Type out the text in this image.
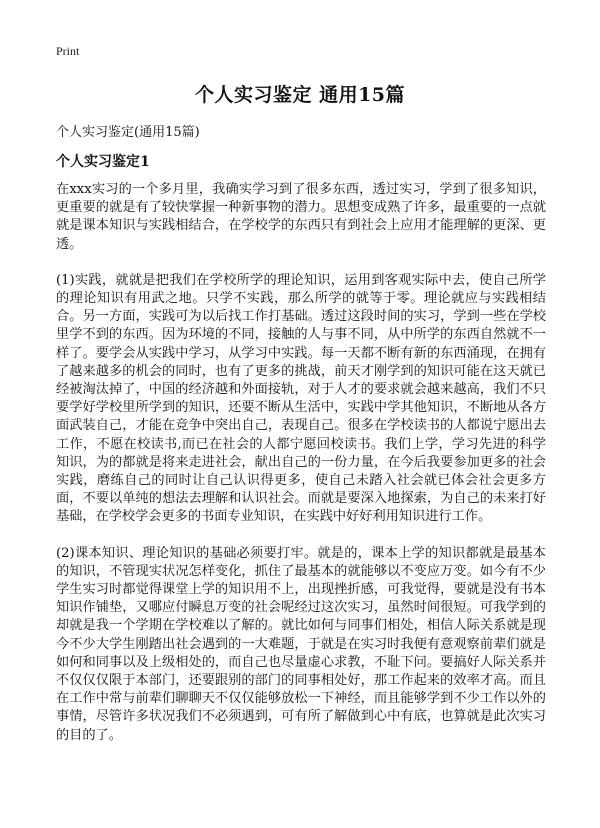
Print
个人实习鉴定 通用15篇
个人实习鉴定(通用15篇)
个人实习鉴定1

在xxx实习的一个多月里，我确实学习到了很多东西，透过实习，学到了很多知识，更重要的就是有了较快掌握一种新事物的潜力。思想变成熟了许多，最重要的一点就就是课本知识与实践相结合，在学校学的东西只有到社会上应用才能理解的更深、更透。

(1)实践，就就是把我们在学校所学的理论知识，运用到客观实际中去，使自己所学的理论知识有用武之地。只学不实践，那么所学的就等于零。理论就应与实践相结合。另一方面，实践可为以后找工作打基础。透过这段时间的实习，学到一些在学校里学不到的东西。因为环境的不同，接触的人与事不同，从中所学的东西自然就不一样了。要学会从实践中学习，从学习中实践。每一天都不断有新的东西涌现，在拥有了越来越多的机会的同时，也有了更多的挑战，前天才刚学到的知识可能在这天就已经被淘汰掉了，中国的经济越和外面接轨，对于人才的要求就会越来越高，我们不只要学好学校里所学到的知识，还要不断从生活中，实践中学其他知识，不断地从各方面武装自己，才能在竞争中突出自己，表现自己。很多在学校读书的人都说宁愿出去工作，不愿在校读书,而已在社会的人都宁愿回校读书。我们上学，学习先进的科学知识，为的都就是将来走进社会，献出自己的一份力量，在今后我要参加更多的社会实践，磨练自己的同时让自己认识得更多，使自己未踏入社会就已体会社会更多方面，不要以单纯的想法去理解和认识社会。而就是要深入地探索，为自己的未来打好基础，在学校学会更多的书面专业知识，在实践中好好利用知识进行工作。

(2)课本知识、理论知识的基础必须要打牢。就是的，课本上学的知识都就是最基本的知识，不管现实状况怎样变化，抓住了最基本的就能够以不变应万变。如今有不少学生实习时都觉得课堂上学的知识用不上，出现挫折感，可我觉得，要就是没有书本知识作铺垫，又哪应付瞬息万变的社会呢经过这次实习，虽然时间很短。可我学到的却就是我一个学期在学校难以了解的。就比如何与同事们相处，相信人际关系就是现今不少大学生刚踏出社会遇到的一大难题，于就是在实习时我便有意观察前辈们就是如何和同事以及上级相处的，而自己也尽量虚心求教，不耻下问。要搞好人际关系并不仅仅仅限于本部门，还要跟别的部门的同事相处好，那工作起来的效率才高。而且在工作中常与前辈们聊聊天不仅仅能够放松一下神经，而且能够学到不少工作以外的事情，尽管许多状况我们不必须遇到，可有所了解做到心中有底，也算就是此次实习的目的了。
